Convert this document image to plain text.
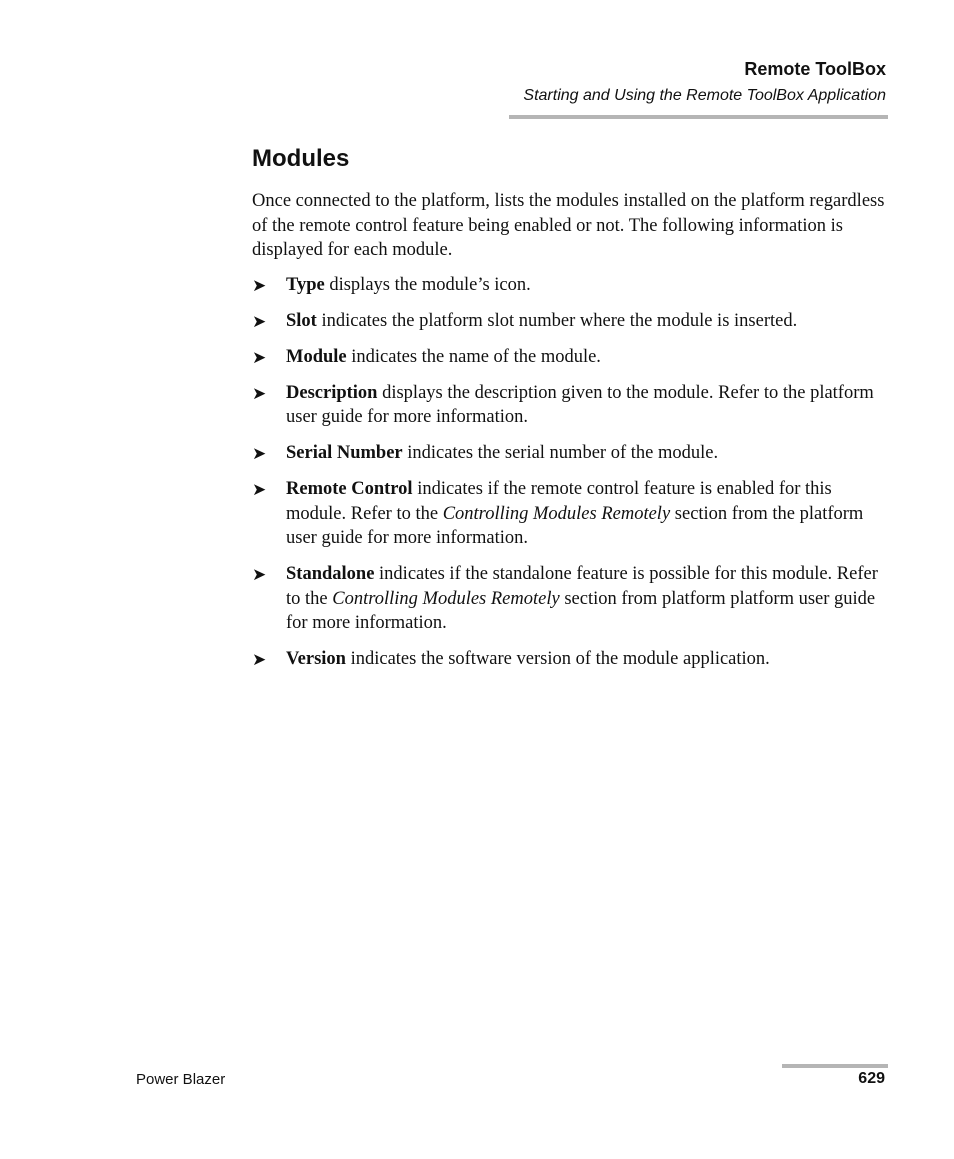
Remote ToolBox
Starting and Using the Remote ToolBox Application
Modules

Once connected to the platform, lists the modules installed on the platform regardless of the remote control feature being enabled or not. The following information is displayed for each module.

➤ Type displays the module’s icon.
➤ Slot indicates the platform slot number where the module is inserted.
➤ Module indicates the name of the module.
➤ Description displays the description given to the module. Refer to the platform user guide for more information.
➤ Serial Number indicates the serial number of the module.
➤ Remote Control indicates if the remote control feature is enabled for this module. Refer to the Controlling Modules Remotely section from the platform user guide for more information.
➤ Standalone indicates if the standalone feature is possible for this module. Refer to the Controlling Modules Remotely section from platform platform user guide for more information.
➤ Version indicates the software version of the module application.
Power Blazer	629
